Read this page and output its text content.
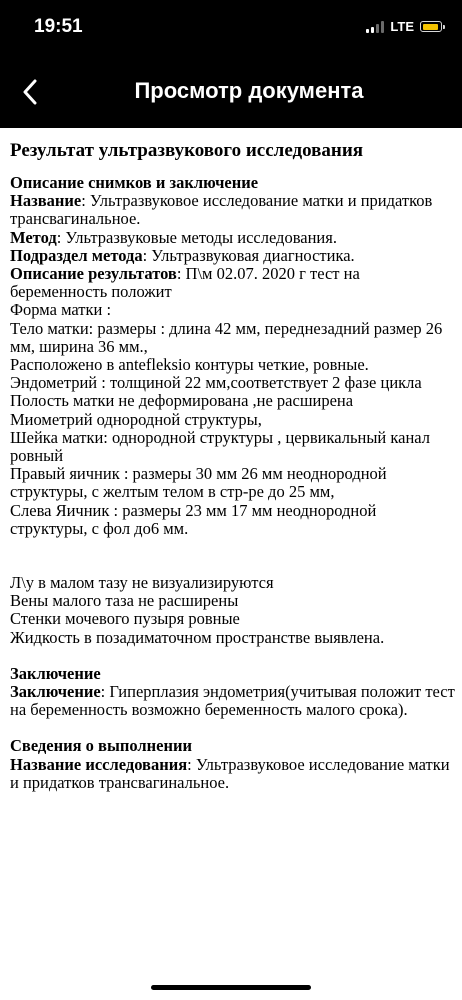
19:51	LTE
Просмотр документа
Результат ультразвукового исследования
Описание снимков и заключение
Название: Ультразвуковое исследование матки и придатков трансвагинальное.
Метод: Ультразвуковые методы исследования.
Подраздел метода: Ультразвуковая диагностика.
Описание результатов: П\м 02.07. 2020 г тест на беременность положит
Форма матки :
Тело матки: размеры : длина 42 мм, переднезадний размер 26 мм, ширина 36 мм.,
Расположено в antefleksio контуры четкие, ровные.
Эндометрий : толщиной 22 мм,соответствует 2 фазе цикла
Полость матки не деформирована ,не расширена
Миометрий однородной структуры,
Шейка матки: однородной структуры , цервикальный канал ровный
Правый яичник : размеры 30 мм 26 мм неоднородной структуры, с желтым телом в стр-ре до 25 мм,
Слева Яичник : размеры 23 мм 17 мм неоднородной структуры, с фол до6 мм.
Л\у в малом тазу не визуализируются
Вены малого таза не расширены
Стенки мочевого пузыря ровные
Жидкость в позадиматочном пространстве выявлена.
Заключение
Заключение: Гиперплазия эндометрия(учитывая положит тест на беременность возможно беременность малого срока).
Сведения о выполнении
Название исследования: Ультразвуковое исследование матки и придатков трансвагинальное.
